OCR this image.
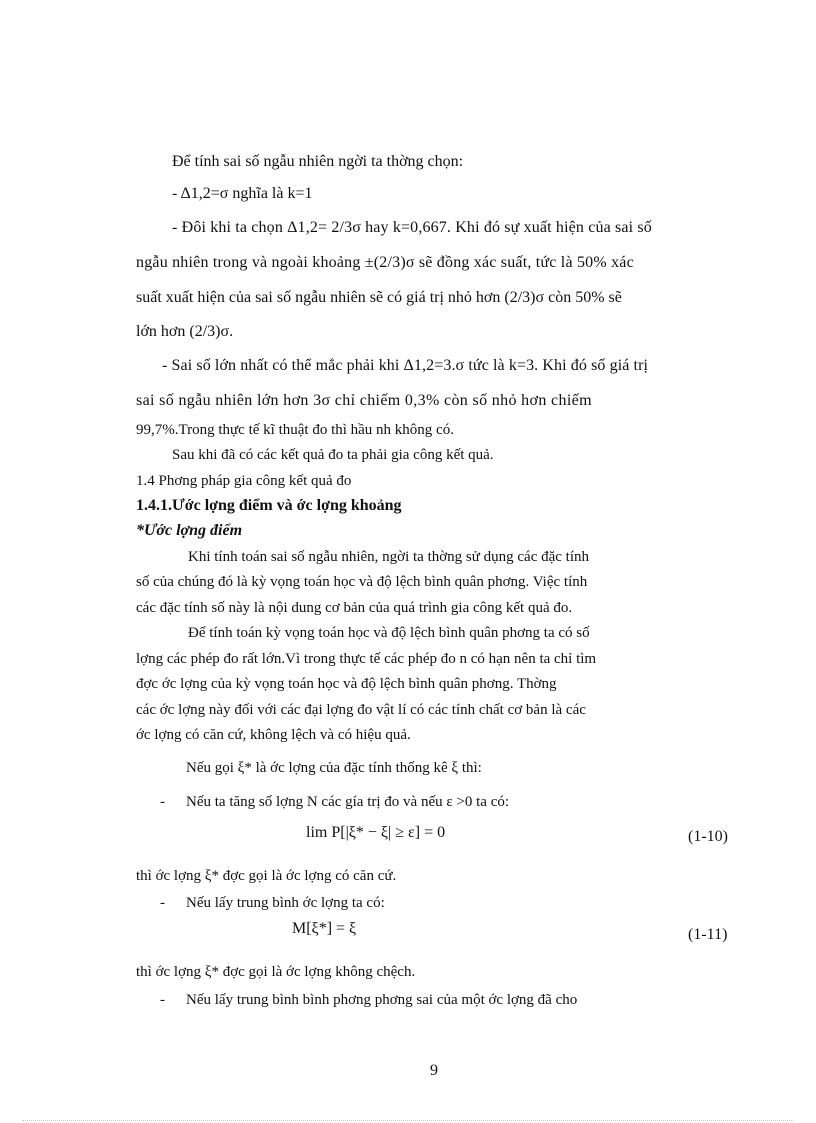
Để tính sai số ngẫu nhiên ngời ta thờng chọn:
- Δ1,2=σ nghĩa là k=1
- Đôi khi ta chọn Δ1,2= 2/3σ hay k=0,667. Khi đó sự xuất hiện của sai số
ngẫu nhiên trong và ngoài khoảng ±(2/3)σ sẽ đồng xác suất, tức là 50% xác
suất xuất hiện của sai số ngẫu nhiên sẽ có giá trị nhỏ hơn (2/3)σ còn 50% sẽ
lớn hơn (2/3)σ.
- Sai số lớn nhất có thể mắc phải khi Δ1,2=3.σ tức là k=3. Khi đó số giá trị
sai số ngẫu nhiên lớn hơn 3σ chỉ chiếm 0,3% còn số nhỏ hơn chiếm
99,7%.Trong thực tế kĩ thuật đo thì hầu nh không có.
Sau khi đã có các kết quả đo ta phải gia công kết quả.
1.4 Phơng pháp gia công kết quả đo
1.4.1.Ước lợng điểm và ớc lợng khoảng
*Ước lợng điểm
Khi tính toán sai số ngẫu nhiên, ngời ta thờng sử dụng các đặc tính
số của chúng đó là kỳ vọng toán học và độ lệch bình quân phơng. Việc tính
các đặc tính số này là nội dung cơ bản của quá trình gia công kết quả đo.
Để tính toán kỳ vọng toán học và độ lệch bình quân phơng ta có số
lợng các phép đo rất lớn.Vì trong thực tế các phép đo n có hạn nên ta chỉ tìm
đợc ớc lợng của kỳ vọng toán học và độ lệch bình quân phơng. Thờng
các ớc lợng này đối với các đại lợng đo vật lí có các tính chất cơ bản là các
ớc lợng có căn cứ, không lệch và có hiệu quả.
Nếu gọi ξ* là ớc lợng của đặc tính thống kê ξ thì:
- Nếu ta tăng số lợng N các gía trị đo và nếu ε >0 ta có:
lim P[|ξ* − ξ| ≥ ε] = 0	(1-10)
thì ớc lợng ξ* đợc gọi là ớc lợng có căn cứ.
- Nếu lấy trung bình ớc lợng ta có:
M[ξ*] = ξ	(1-11)
thì ớc lợng ξ* đợc gọi là ớc lợng không chệch.
- Nếu lấy trung bình bình phơng phơng sai của một ớc lợng đã cho
9
